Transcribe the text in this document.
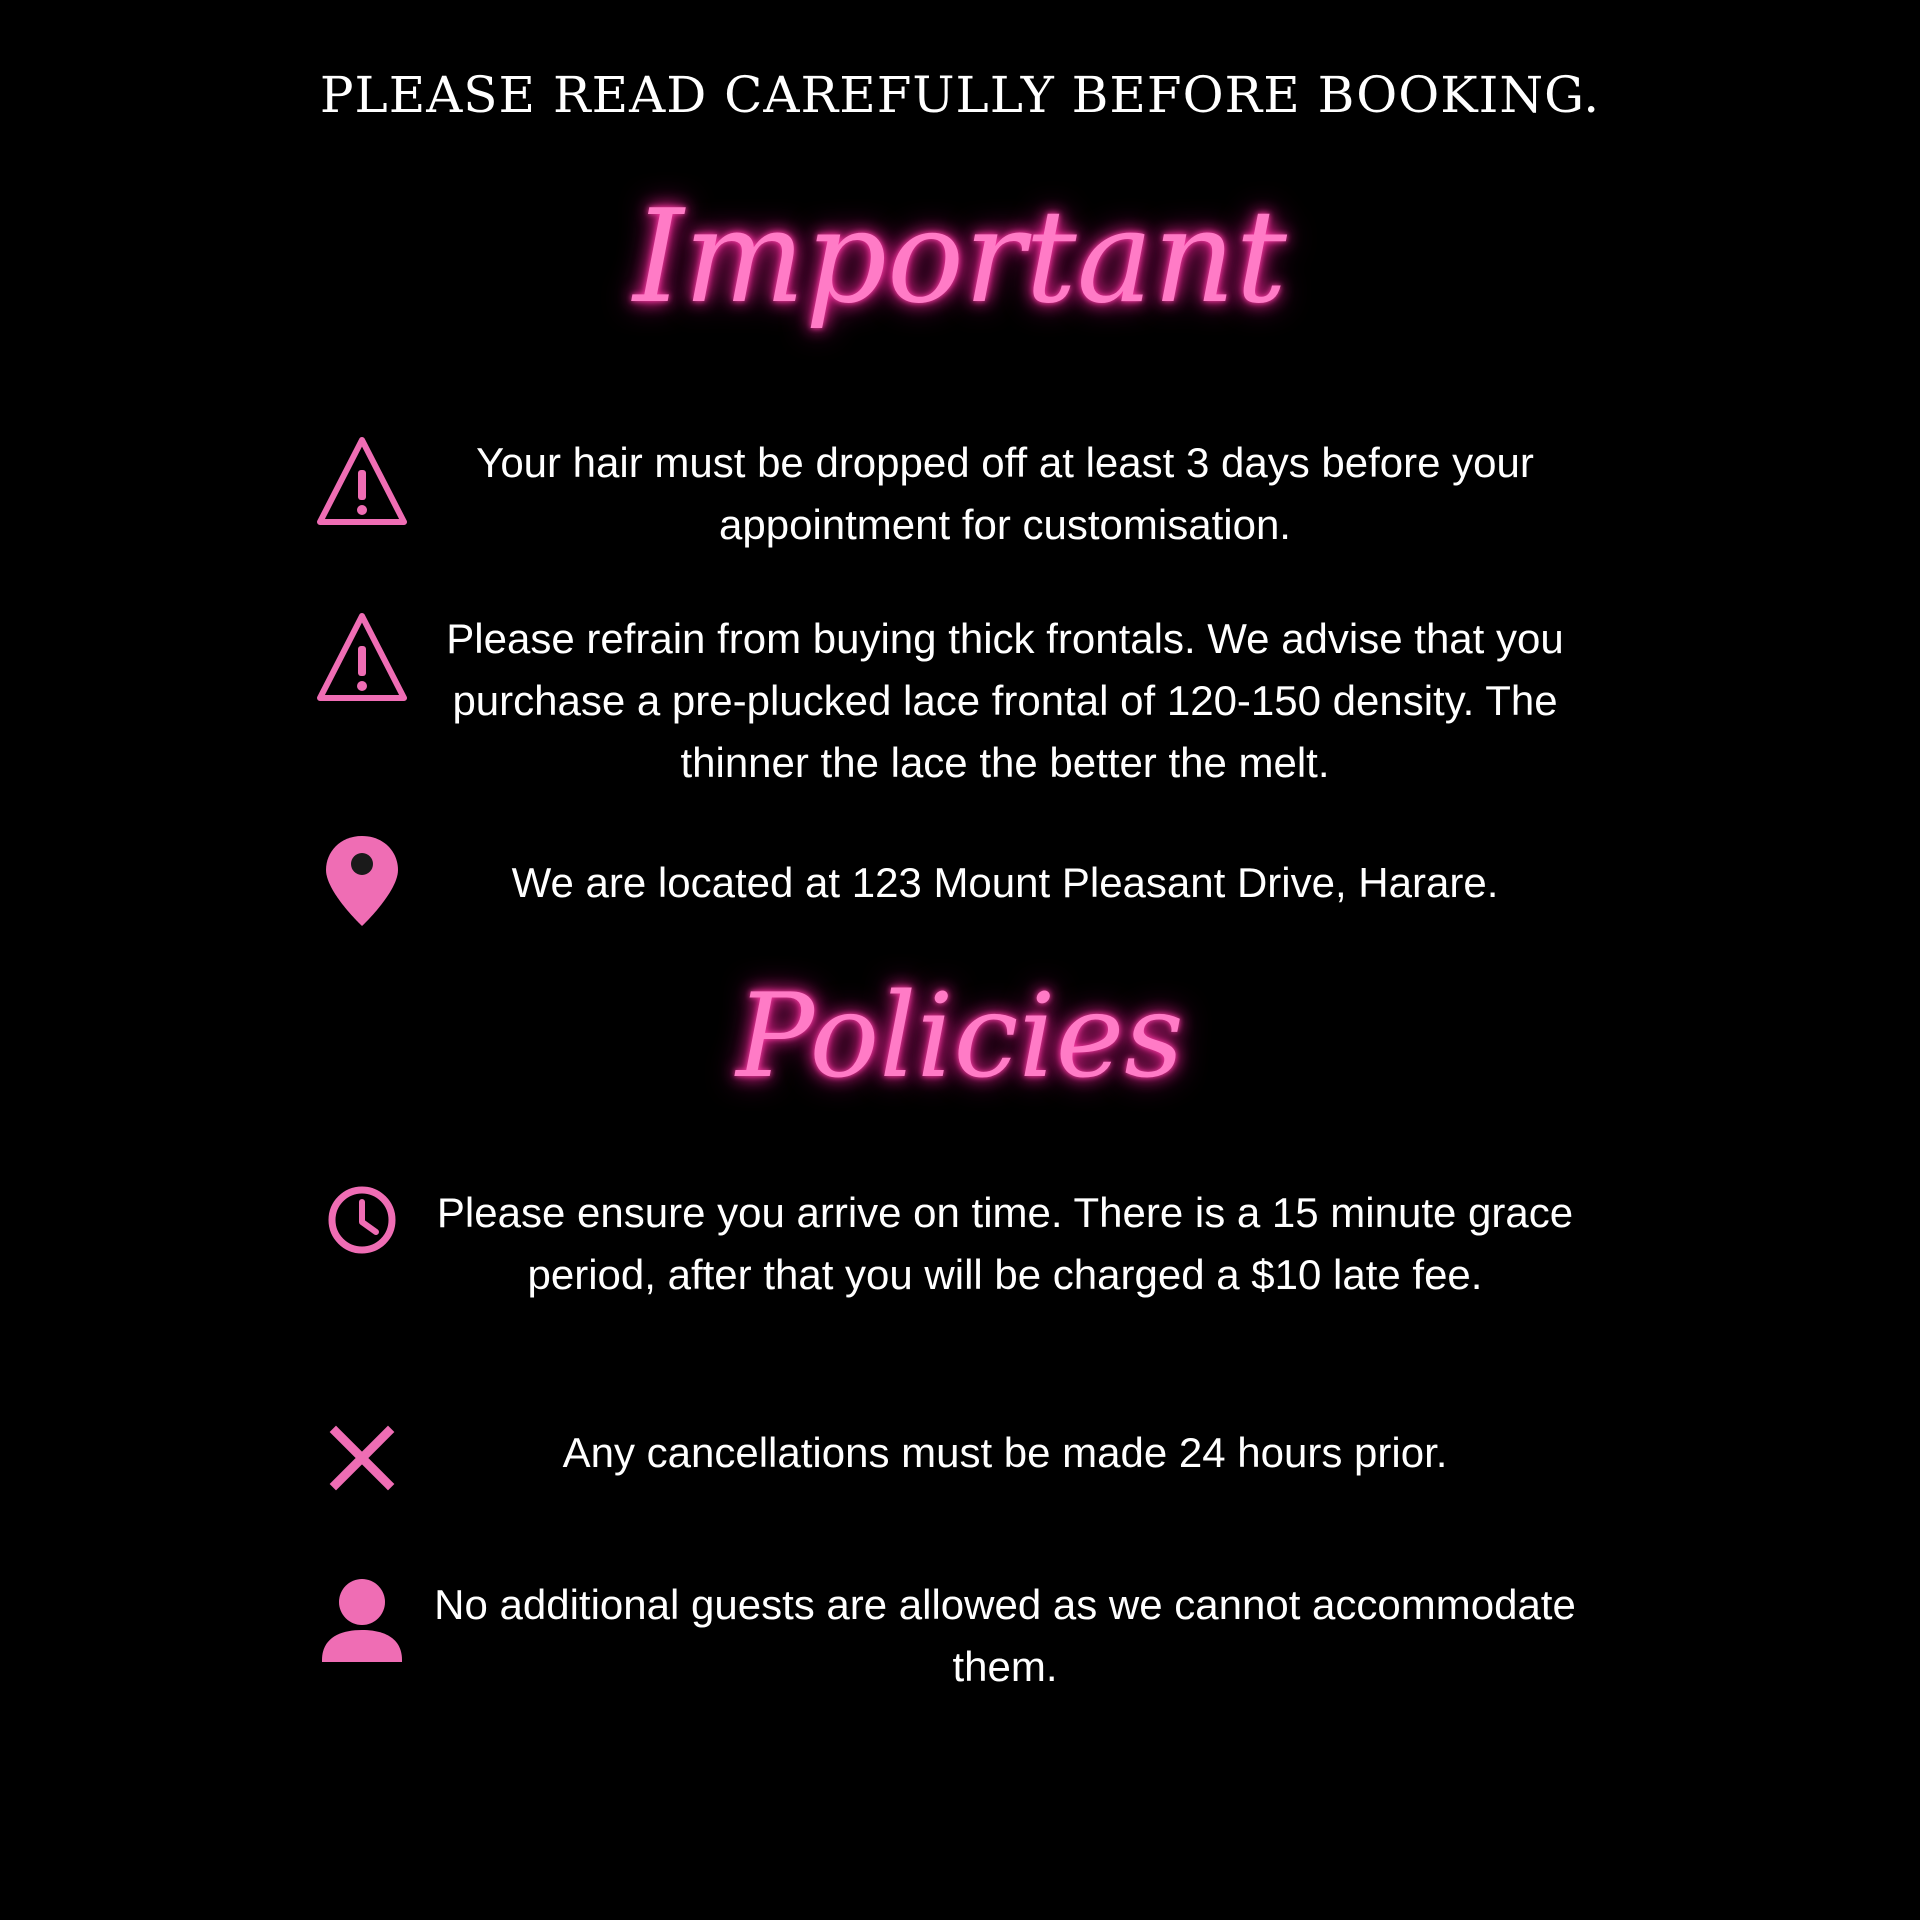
PLEASE READ CAREFULLY BEFORE BOOKING.
Important
Your hair must be dropped off at least 3 days before your appointment for customisation.
Please refrain from buying thick frontals. We advise that you purchase a pre-plucked lace frontal of 120-150 density. The thinner the lace the better the melt.
We are located at 123 Mount Pleasant Drive, Harare.
Policies
Please ensure you arrive on time. There is a 15 minute grace period, after that you will be charged a $10 late fee.
Any cancellations must be made 24 hours prior.
No additional guests are allowed as we cannot accommodate them.
